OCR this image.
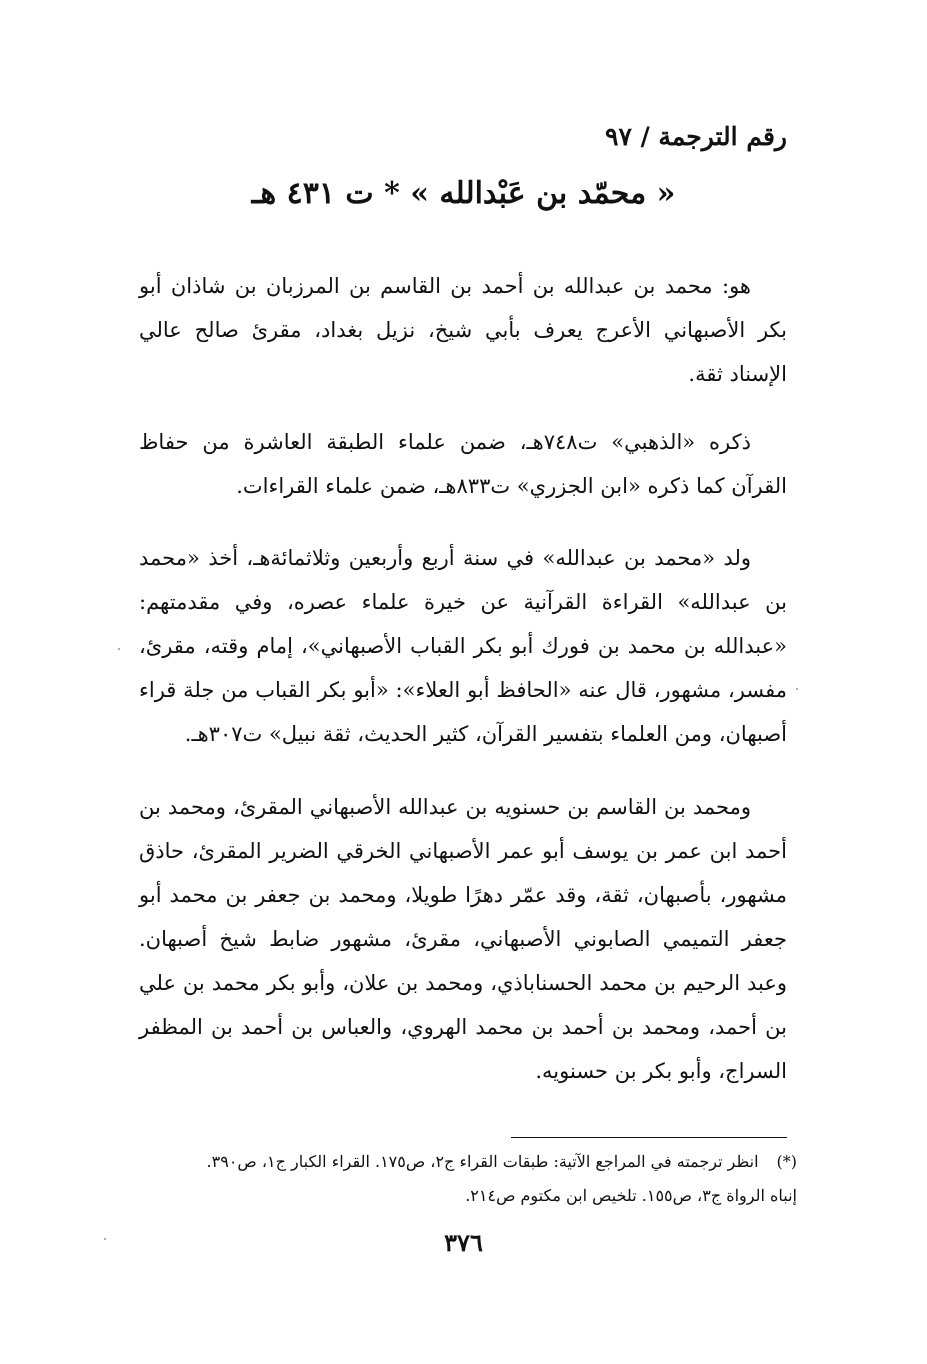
رقم الترجمة / ٩٧
« محمّد بن عَبْدالله » * ت ٤٣١ هـ

هو: محمد بن عبدالله بن أحمد بن القاسم بن المرزبان بن شاذان أبو بكر الأصبهاني الأعرج يعرف بأبي شيخ، نزيل بغداد، مقرئ صالح عالي الإسناد ثقة.

ذكره «الذهبي» ت٧٤٨هـ، ضمن علماء الطبقة العاشرة من حفاظ القرآن كما ذكره «ابن الجزري» ت٨٣٣هـ، ضمن علماء القراءات.

ولد «محمد بن عبدالله» في سنة أربع وأربعين وثلاثمائةهـ، أخذ «محمد بن عبدالله» القراءة القرآنية عن خيرة علماء عصره، وفي مقدمتهم: «عبدالله بن محمد بن فورك أبو بكر القباب الأصبهاني»، إمام وقته، مقرئ، مفسر، مشهور، قال عنه «الحافظ أبو العلاء»: «أبو بكر القباب من جلة قراء أصبهان، ومن العلماء بتفسير القرآن، كثير الحديث، ثقة نبيل» ت٣٠٧هـ.

ومحمد بن القاسم بن حسنويه بن عبدالله الأصبهاني المقرئ، ومحمد بن أحمد ابن عمر بن يوسف أبو عمر الأصبهاني الخرقي الضرير المقرئ، حاذق مشهور، بأصبهان، ثقة، وقد عمّر دهرًا طويلا، ومحمد بن جعفر بن محمد أبو جعفر التميمي الصابوني الأصبهاني، مقرئ، مشهور ضابط شيخ أصبهان. وعبد الرحيم بن محمد الحسناباذي، ومحمد بن علان، وأبو بكر محمد بن علي بن أحمد، ومحمد بن أحمد بن محمد الهروي، والعباس بن أحمد بن المظفر السراج، وأبو بكر بن حسنويه.

(*)انظر ترجمته في المراجع الآتية: طبقات القراء ج٢، ص١٧٥. القراء الكبار ج١، ص٣٩٠.
إنباه الرواة ج٣، ص١٥٥. تلخيص ابن مكتوم ص٢١٤.
٣٧٦
